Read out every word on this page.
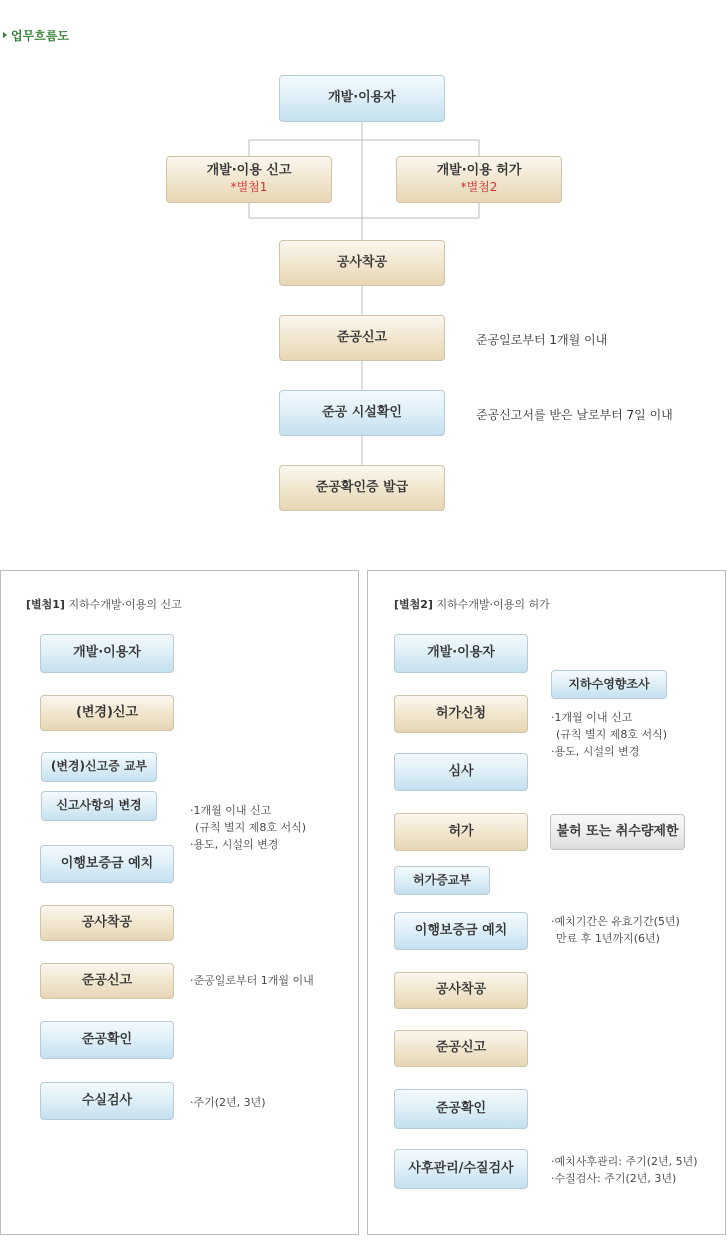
업무흐름도
개발·이용자
개발·이용 신고
*별첨1
개발·이용 허가
*별첨2
공사착공
준공신고	준공일로부터 1개월 이내
준공 시설확인	준공신고서를 받은 날로부터 7일 이내
준공확인증 발급
[별첨1] 지하수개발·이용의 신고
개발·이용자
(변경)신고
(변경)신고증 교부
신고사항의 변경	·1개월 이내 신고
(규칙 별지 제8호 서식)
·용도, 시설의 변경
이행보증금 예치
공사착공
준공신고	·준공일로부터 1개월 이내
준공확인
수실검사	·주기(2년, 3년)
[별첨2] 지하수개발·이용의 허가
개발·이용자
지하수영향조사
허가신청	·1개월 이내 신고
(규칙 별지 제8호 서식)
·용도, 시설의 변경
심사
허가	불허 또는 취수량제한
허가증교부
이행보증금 예치
·예치기간은 유효기간(5년)
만료 후 1년까지(6년)
공사착공
준공신고
준공확인
사후관리/수질검사	·예치사후관리: 주기(2년, 5년)
·수질검사: 주기(2년, 3년)
